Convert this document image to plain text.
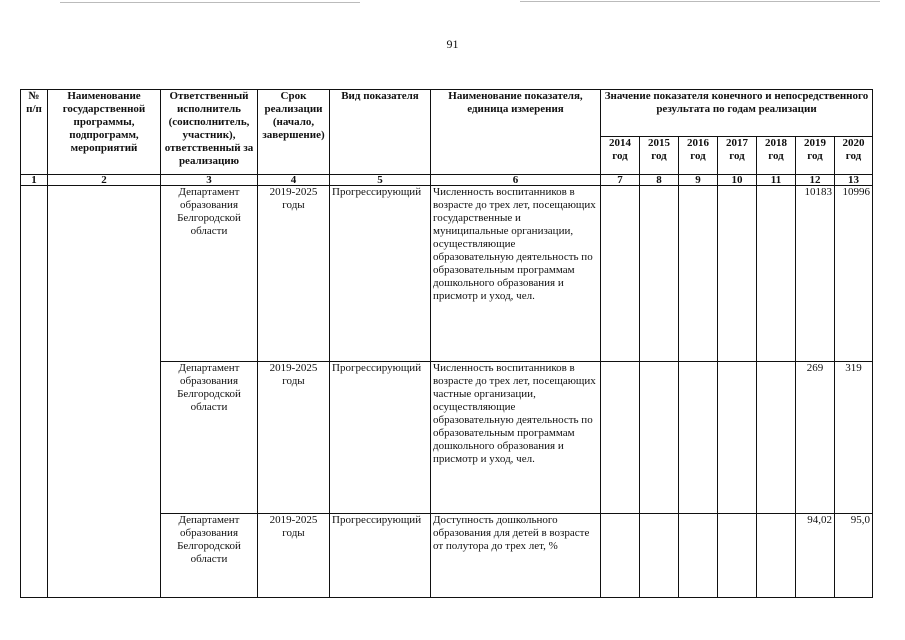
91
№ п/п	Наименование государственной программы, подпрограмм, мероприятий	Ответственный исполнитель (соисполнитель, участник), ответственный за реализацию	Срок реализации (начало, завершение)	Вид показателя	Наименование показателя, единица измерения	Значение показателя конечного и непосредственного результата по годам реализации						
						2014 год	2015 год	2016 год	2017 год	2018 год	2019 год	2020 год
1	2	3	4	5	6	7	8	9	10	11	12	13
		Департамент образования Белгородской области	2019-2025 годы	Прогрессирующий	Численность воспитанников в возрасте до трех лет, посещающих государственные и муниципальные организации, осуществляющие образовательную деятельность по образовательным программам дошкольного образования и присмотр и уход, чел.						10183	10996
		Департамент образования Белгородской области	2019-2025 годы	Прогрессирующий	Численность воспитанников в возрасте до трех лет, посещающих частные организации, осуществляющие образовательную деятельность по образовательным программам дошкольного образования и присмотр и уход, чел.						269	319
		Департамент образования Белгородской области	2019-2025 годы	Прогрессирующий	Доступность дошкольного образования для детей в возрасте от полутора до трех лет, %						94,02	95,0
